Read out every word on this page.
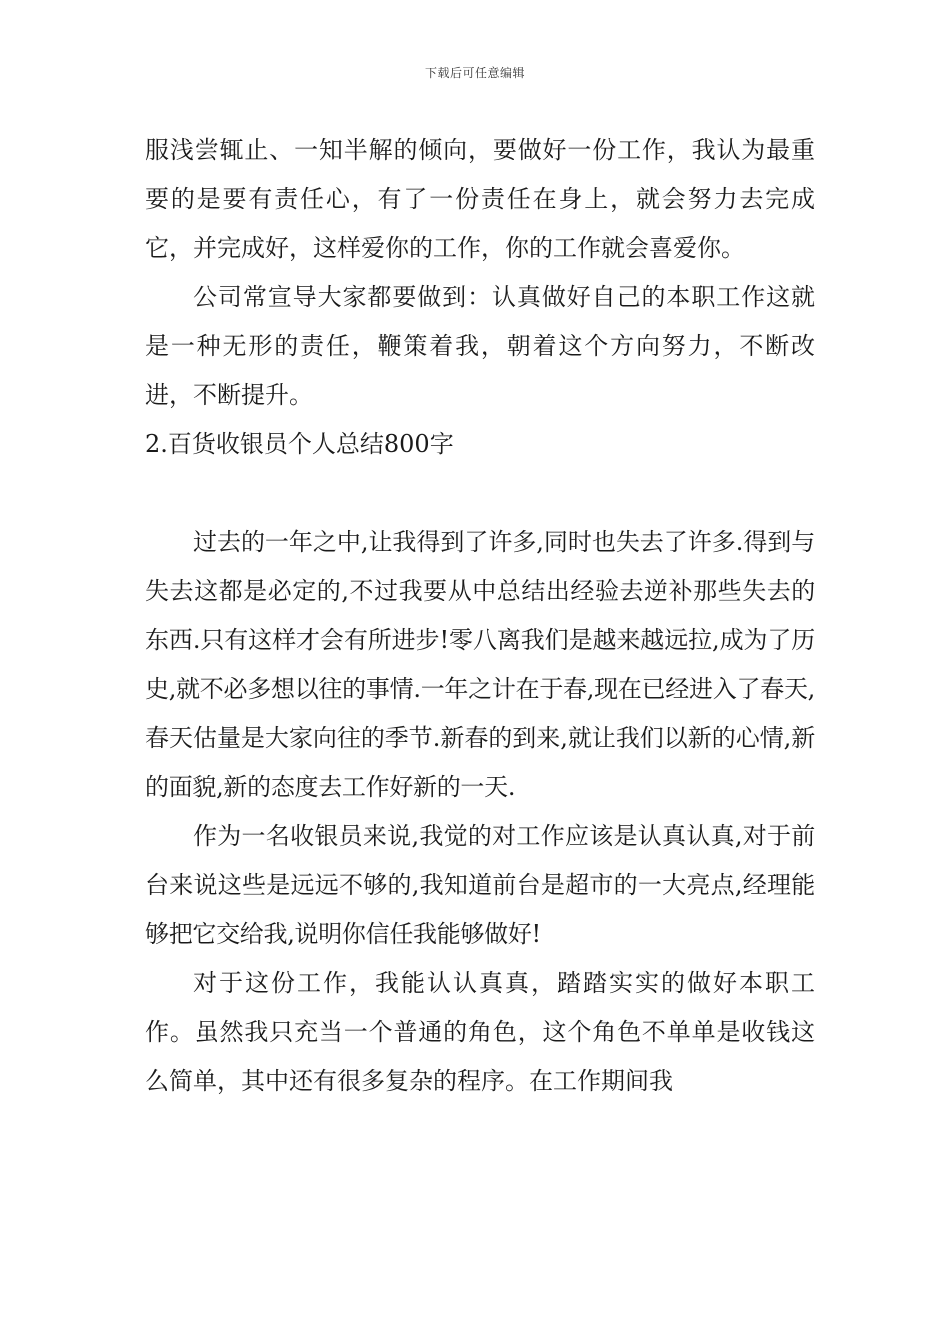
下载后可任意编辑

服浅尝辄止、一知半解的倾向，要做好一份工作，我认为最重要的是要有责任心，有了一份责任在身上，就会努力去完成它，并完成好，这样爱你的工作，你的工作就会喜爱你。

公司常宣导大家都要做到：认真做好自己的本职工作这就是一种无形的责任，鞭策着我，朝着这个方向努力，不断改进，不断提升。

2.百货收银员个人总结800字

过去的一年之中,让我得到了许多,同时也失去了许多.得到与失去这都是必定的,不过我要从中总结出经验去逆补那些失去的东西.只有这样才会有所进步!零八离我们是越来越远拉,成为了历史,就不必多想以往的事情.一年之计在于春,现在已经进入了春天,春天估量是大家向往的季节.新春的到来,就让我们以新的心情,新的面貌,新的态度去工作好新的一天.

作为一名收银员来说,我觉的对工作应该是认真认真,对于前台来说这些是远远不够的,我知道前台是超市的一大亮点,经理能够把它交给我,说明你信任我能够做好!

对于这份工作，我能认认真真，踏踏实实的做好本职工作。虽然我只充当一个普通的角色，这个角色不单单是收钱这么简单，其中还有很多复杂的程序。在工作期间我
